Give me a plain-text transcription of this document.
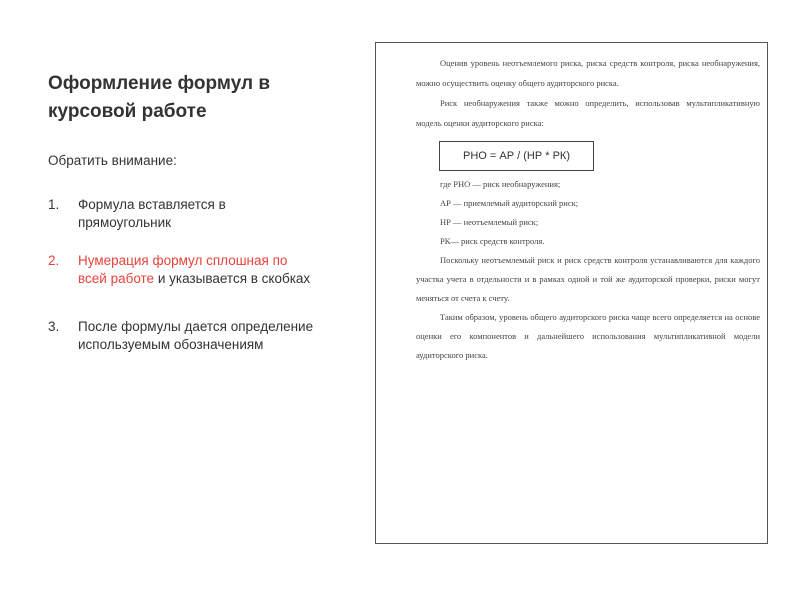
Оформление формул в курсовой работе
Обратить внимание:
1. Формула вставляется в прямоугольник
2. Нумерация формул сплошная по всей работе и указывается в скобках
3. После формулы дается определение используемым обозначениям

Оценив уровень неотъемлемого риска, риска средств контроля, риска необнаружения, можно осуществить оценку общего аудиторского риска.

Риск необнаружения также можно определить, использовав мультипликативную модель оценки аудиторского риска:

РНО = АР / (НР * РК)

где РНО — риск необнаружения;

АР — приемлемый аудиторский риск;

НР — неотъемлемый риск;

РК— риск средств контроля.

Поскольку неотъемлемый риск и риск средств контроля устанавливаются для каждого участка учета в отдельности и в рамках одной и той же аудиторской проверки, риски могут меняться от счета к счету.

Таким образом, уровень общего аудиторского риска чаще всего определяется на основе оценки его компонентов и дальнейшего использования мультипликативной модели аудиторского риска.
